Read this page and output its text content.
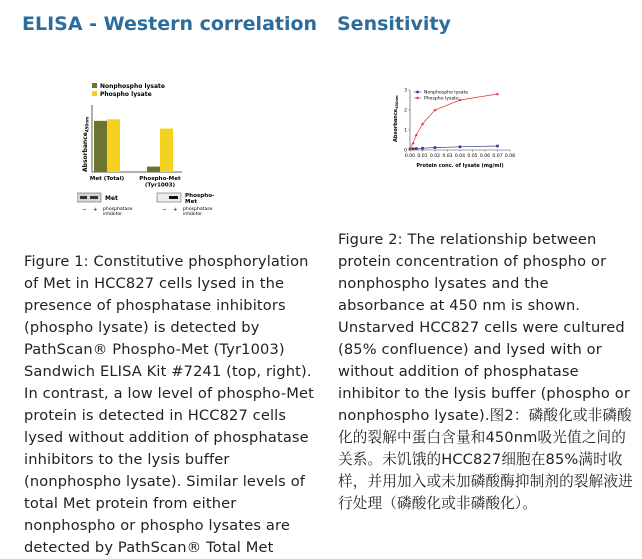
ELISA - Western correlation
Nonphospho lysate
Phospho lysate
Absorbance$_{450nm}$
Met (Total)	Phospho-Met (Tyr1003)
Met
− + phosphatase inhibitor
Phospho-Met
− + phosphatase inhibitor
Figure 1: Constitutive phosphorylation of Met in HCC827 cells lysed in the presence of phosphatase inhibitors (phospho lysate) is detected by PathScan® Phospho-Met (Tyr1003) Sandwich ELISA Kit #7241 (top, right). In contrast, a low level of phospho-Met protein is detected in HCC827 cells lysed without addition of phosphatase inhibitors to the lysis buffer (nonphospho lysate). Similar levels of total Met protein from either nonphospho or phospho lysates are detected by PathScan® Total Met
Sensitivity
Absorbance$_{450nm}$
0.00 0.01 0.02 0.03 0.04 0.05 0.06 0.07 0.08
0
1
2
3	Nonphospho lysate
Phospho lysate
Protein conc. of lysate (mg/ml)
Figure 2: The relationship between protein concentration of phospho or nonphospho lysates and the absorbance at 450 nm is shown. Unstarved HCC827 cells were cultured (85% confluence) and lysed with or without addition of phosphatase inhibitor to the lysis buffer (phospho or nonphospho lysate).图2：磷酸化或非磷酸化的裂解中蛋白含量和450nm吸光值之间的关系。未饥饿的HCC827细胞在85%满时收样，并用加入或未加磷酸酶抑制剂的裂解液进行处理（磷酸化或非磷酸化）。
